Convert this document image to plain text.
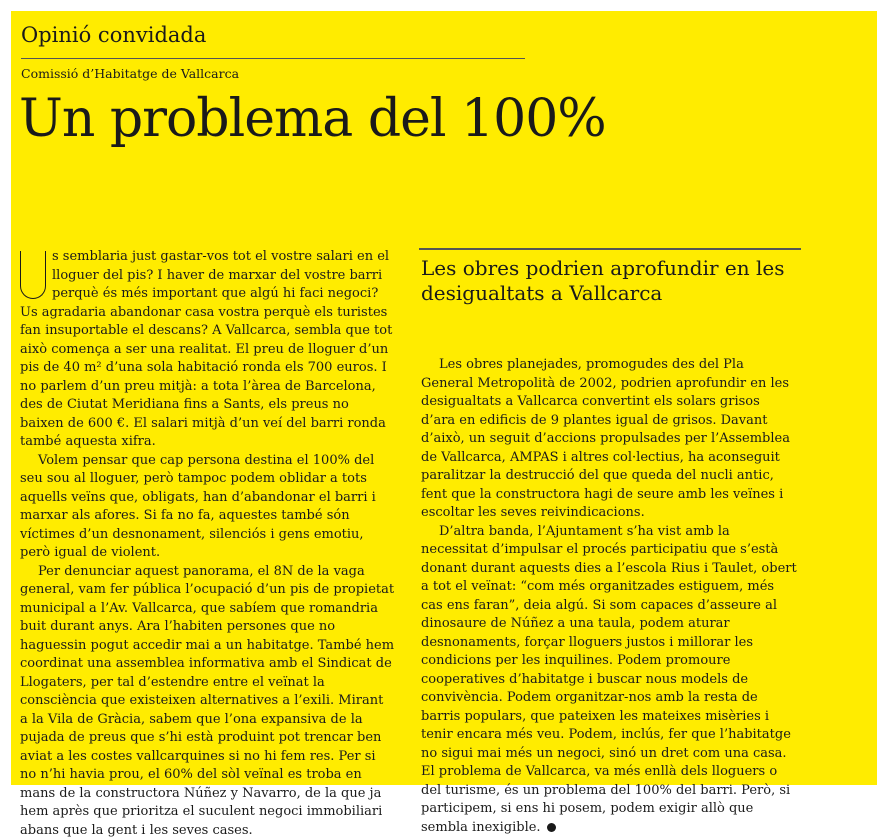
Opinió convidada
Comissió d’Habitatge de Vallcarca
Un problema del 100%

s semblaria just gastar-vos tot el vostre salari en el lloguer del pis? I haver de marxar del vostre barri perquè és més important que algú hi faci negoci? Us agradaria abandonar casa vostra perquè els turistes fan insuportable el descans? A Vallcarca, sembla que tot això comença a ser una realitat. El preu de lloguer d’un pis de 40 m² d’una sola habitació ronda els 700 euros. I no parlem d’un preu mitjà: a tota l’àrea de Barcelona, des de Ciutat Meridiana fins a Sants, els preus no baixen de 600 €. El salari mitjà d’un veí del barri ronda també aquesta xifra.

Volem pensar que cap persona destina el 100% del seu sou al lloguer, però tampoc podem oblidar a tots aquells veïns que, obligats, han d’abandonar el barri i marxar als afores. Si fa no fa, aquestes també són víctimes d’un desnonament, silenciós i gens emotiu, però igual de violent.

Per denunciar aquest panorama, el 8N de la vaga general, vam fer pública l’ocupació d’un pis de propietat municipal a l’Av. Vallcarca, que sabíem que romandria buit durant anys. Ara l’habiten persones que no haguessin pogut accedir mai a un habitatge. També hem coordinat una assemblea informativa amb el Sindicat de Llogaters, per tal d’estendre entre el veïnat la consciència que existeixen alternatives a l’exili. Mirant a la Vila de Gràcia, sabem que l’ona expansiva de la pujada de preus que s’hi està produint pot trencar ben aviat a les costes vallcarquines si no hi fem res. Per si no n’hi havia prou, el 60% del sòl veïnal es troba en mans de la constructora Núñez y Navarro, de la que ja hem après que prioritza el suculent negoci immobiliari abans que la gent i les seves cases.

Les obres podrien aprofundir en les desigualtats a Vallcarca

Les obres planejades, promogudes des del Pla General Metropolità de 2002, podrien aprofundir en les desigualtats a Vallcarca convertint els solars grisos d’ara en edificis de 9 plantes igual de grisos. Davant d’això, un seguit d’accions propulsades per l’Assemblea de Vallcarca, AMPAS i altres col·lectius, ha aconseguit paralitzar la destrucció del que queda del nucli antic, fent que la constructora hagi de seure amb les veïnes i escoltar les seves reivindicacions.

D’altra banda, l’Ajuntament s’ha vist amb la necessitat d’impulsar el procés participatiu que s’està donant durant aquests dies a l’escola Rius i Taulet, obert a tot el veïnat: “com més organitzades estiguem, més cas ens faran”, deia algú. Si som capaces d’asseure al dinosaure de Núñez a una taula, podem aturar desnonaments, forçar lloguers justos i millorar les condicions per les inquilines. Podem promoure cooperatives d’habitatge i buscar nous models de convivència. Podem organitzar-nos amb la resta de barris populars, que pateixen les mateixes misèries i tenir encara més veu. Podem, inclús, fer que l’habitatge no sigui mai més un negoci, sinó un dret com una casa. El problema de Vallcarca, va més enllà dels lloguers o del turisme, és un problema del 100% del barri. Però, si participem, si ens hi posem, podem exigir allò que sembla inexigible.
